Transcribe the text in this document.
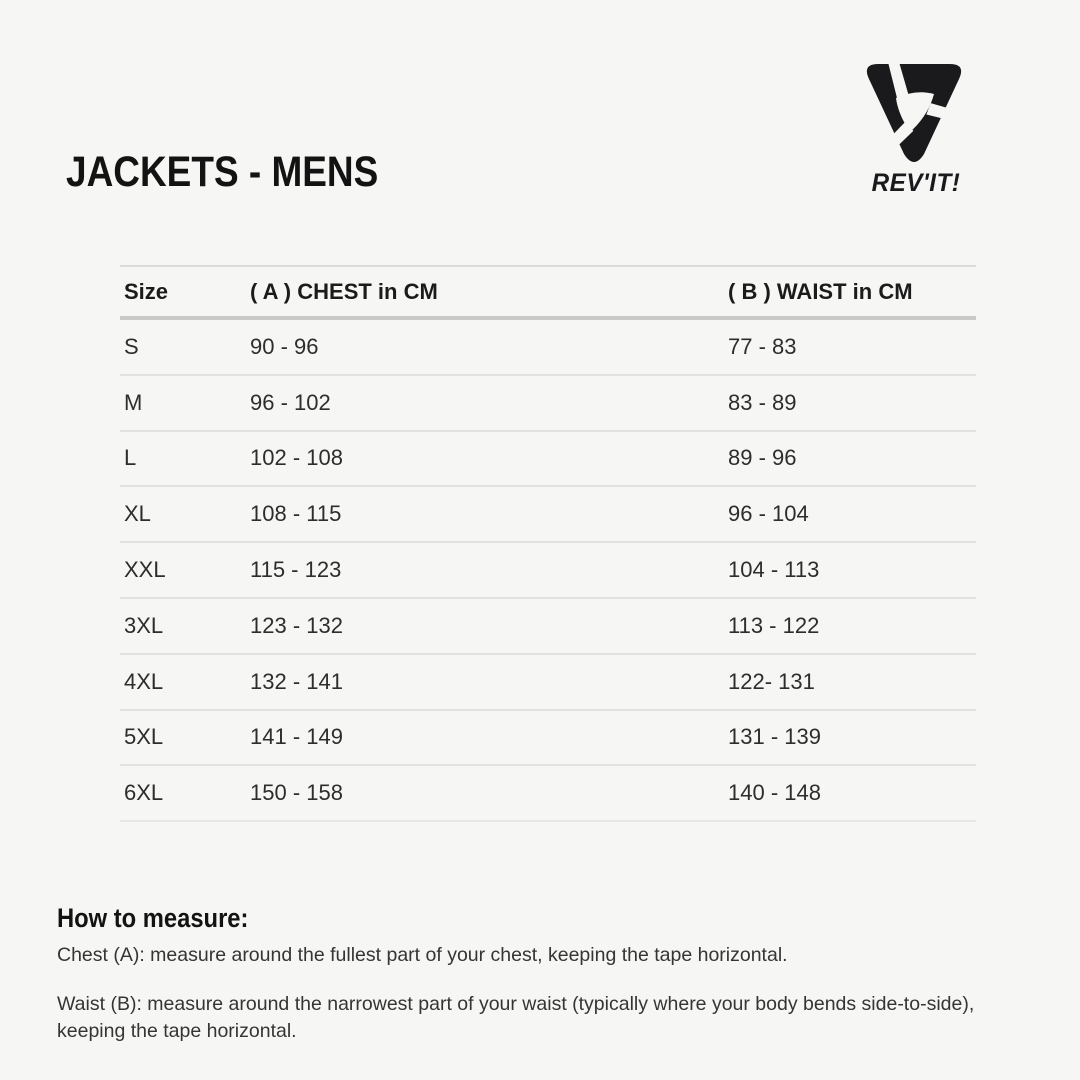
JACKETS - MENS	REV'IT!
Size	( A ) CHEST in CM	( B ) WAIST in CM
S	90 - 96	77 - 83
M	96 - 102	83 - 89
L	102 - 108	89 - 96
XL	108 - 115	96 - 104
XXL	115 - 123	104 - 113
3XL	123 - 132	113 - 122
4XL	132 - 141	122- 131
5XL	141 - 149	131 - 139
6XL	150 - 158	140 - 148
How to measure:
Chest (A): measure around the fullest part of your chest, keeping the tape horizontal.
Waist (B): measure around the narrowest part of your waist (typically where your body bends side-to-side), keeping the tape horizontal.
